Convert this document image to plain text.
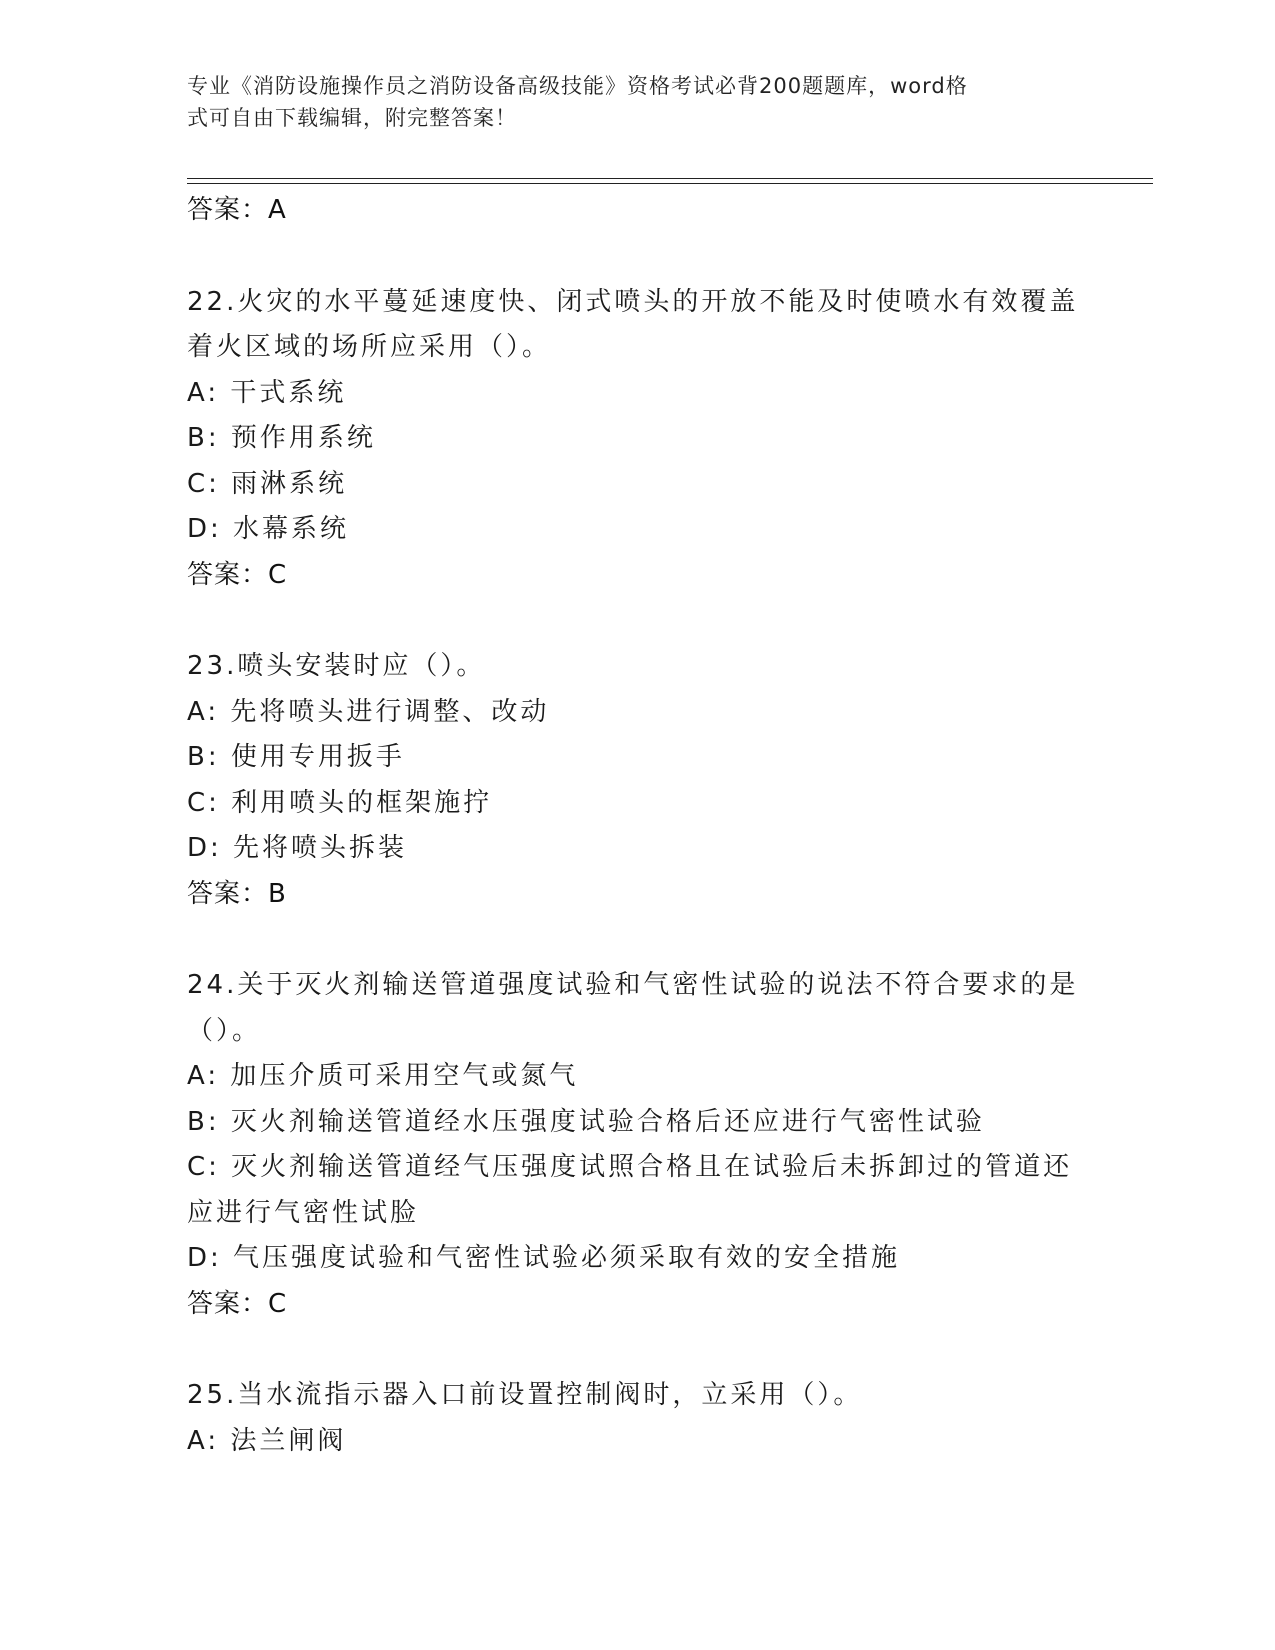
专业《消防设施操作员之消防设备高级技能》资格考试必背200题题库，word格
式可自由下载编辑，附完整答案！
答案：A
22.火灾的水平蔓延速度快、闭式喷头的开放不能及时使喷水有效覆盖
着火区域的场所应采用（）。
A: 干式系统
B: 预作用系统
C: 雨淋系统
D: 水幕系统
答案：C
23.喷头安装时应（）。
A: 先将喷头进行调整、改动
B: 使用专用扳手
C: 利用喷头的框架施拧
D: 先将喷头拆装
答案：B
24.关于灭火剂输送管道强度试验和气密性试验的说法不符合要求的是
（）。
A: 加压介质可采用空气或氮气
B: 灭火剂输送管道经水压强度试验合格后还应进行气密性试验
C: 灭火剂输送管道经气压强度试照合格且在试验后未拆卸过的管道还
应进行气密性试脸
D: 气压强度试验和气密性试验必须采取有效的安全措施
答案：C
25.当水流指示器入口前设置控制阀时，立采用（）。
A: 法兰闸阀
